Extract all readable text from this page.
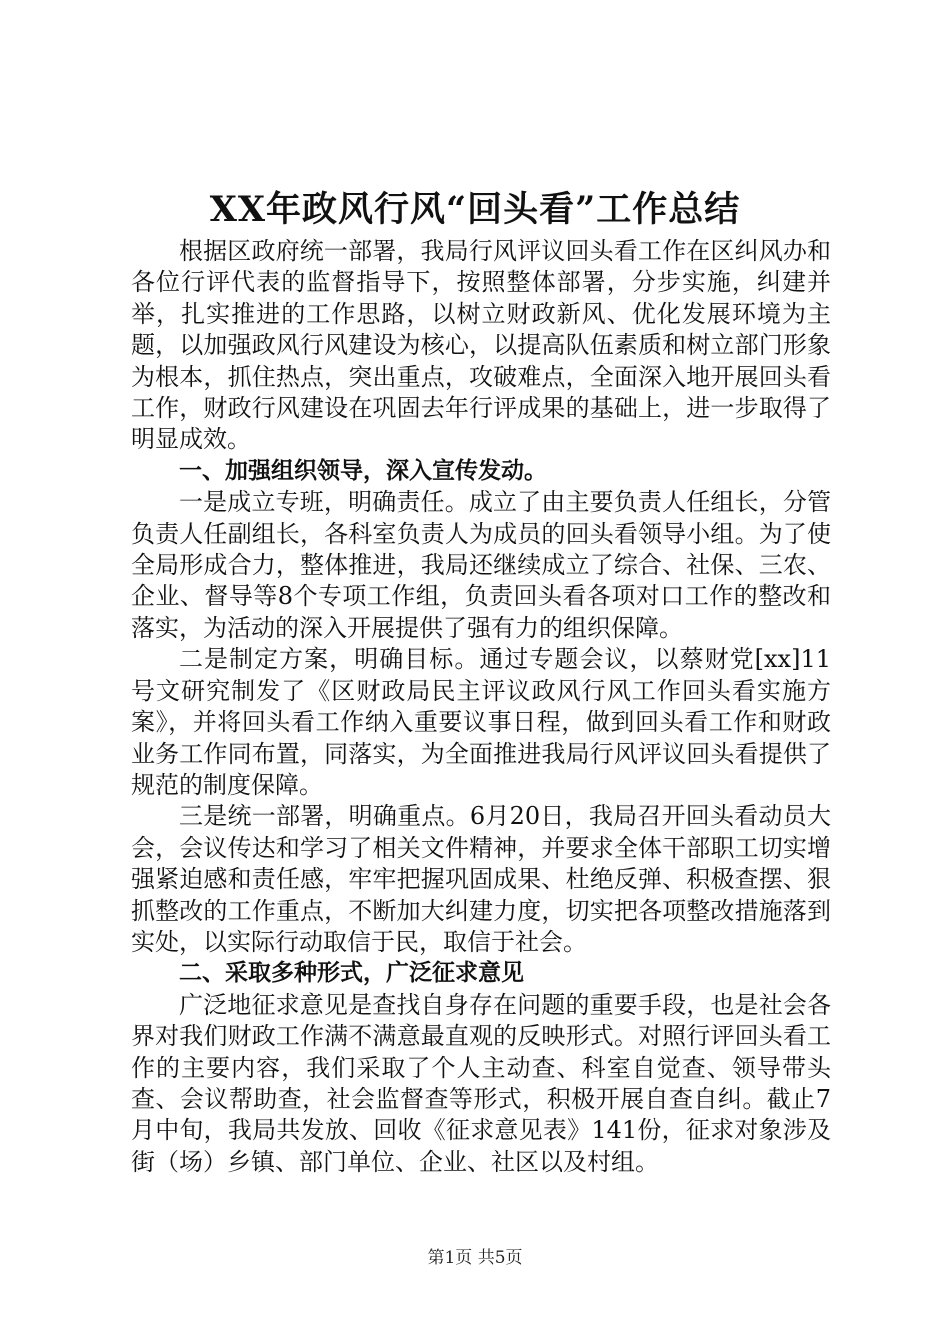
XX年政风行风“回头看”工作总结

根据区政府统一部署，我局行风评议回头看工作在区纠风办和各位行评代表的监督指导下，按照整体部署，分步实施，纠建并举，扎实推进的工作思路，以树立财政新风、优化发展环境为主题，以加强政风行风建设为核心，以提高队伍素质和树立部门形象为根本，抓住热点，突出重点，攻破难点，全面深入地开展回头看工作，财政行风建设在巩固去年行评成果的基础上，进一步取得了明显成效。

一、加强组织领导，深入宣传发动。

一是成立专班，明确责任。成立了由主要负责人任组长，分管负责人任副组长，各科室负责人为成员的回头看领导小组。为了使全局形成合力，整体推进，我局还继续成立了综合、社保、三农、企业、督导等8个专项工作组，负责回头看各项对口工作的整改和落实，为活动的深入开展提供了强有力的组织保障。

二是制定方案，明确目标。通过专题会议，以蔡财党[xx]11号文研究制发了《区财政局民主评议政风行风工作回头看实施方案》，并将回头看工作纳入重要议事日程，做到回头看工作和财政业务工作同布置，同落实，为全面推进我局行风评议回头看提供了规范的制度保障。

三是统一部署，明确重点。6月20日，我局召开回头看动员大会，会议传达和学习了相关文件精神，并要求全体干部职工切实增强紧迫感和责任感，牢牢把握巩固成果、杜绝反弹、积极查摆、狠抓整改的工作重点，不断加大纠建力度，切实把各项整改措施落到实处，以实际行动取信于民，取信于社会。

二、采取多种形式，广泛征求意见

广泛地征求意见是查找自身存在问题的重要手段，也是社会各界对我们财政工作满不满意最直观的反映形式。对照行评回头看工作的主要内容，我们采取了个人主动查、科室自觉查、领导带头查、会议帮助查，社会监督查等形式，积极开展自查自纠。截止7月中旬，我局共发放、回收《征求意见表》141份，征求对象涉及街（场）乡镇、部门单位、企业、社区以及村组。

第1页 共5页
